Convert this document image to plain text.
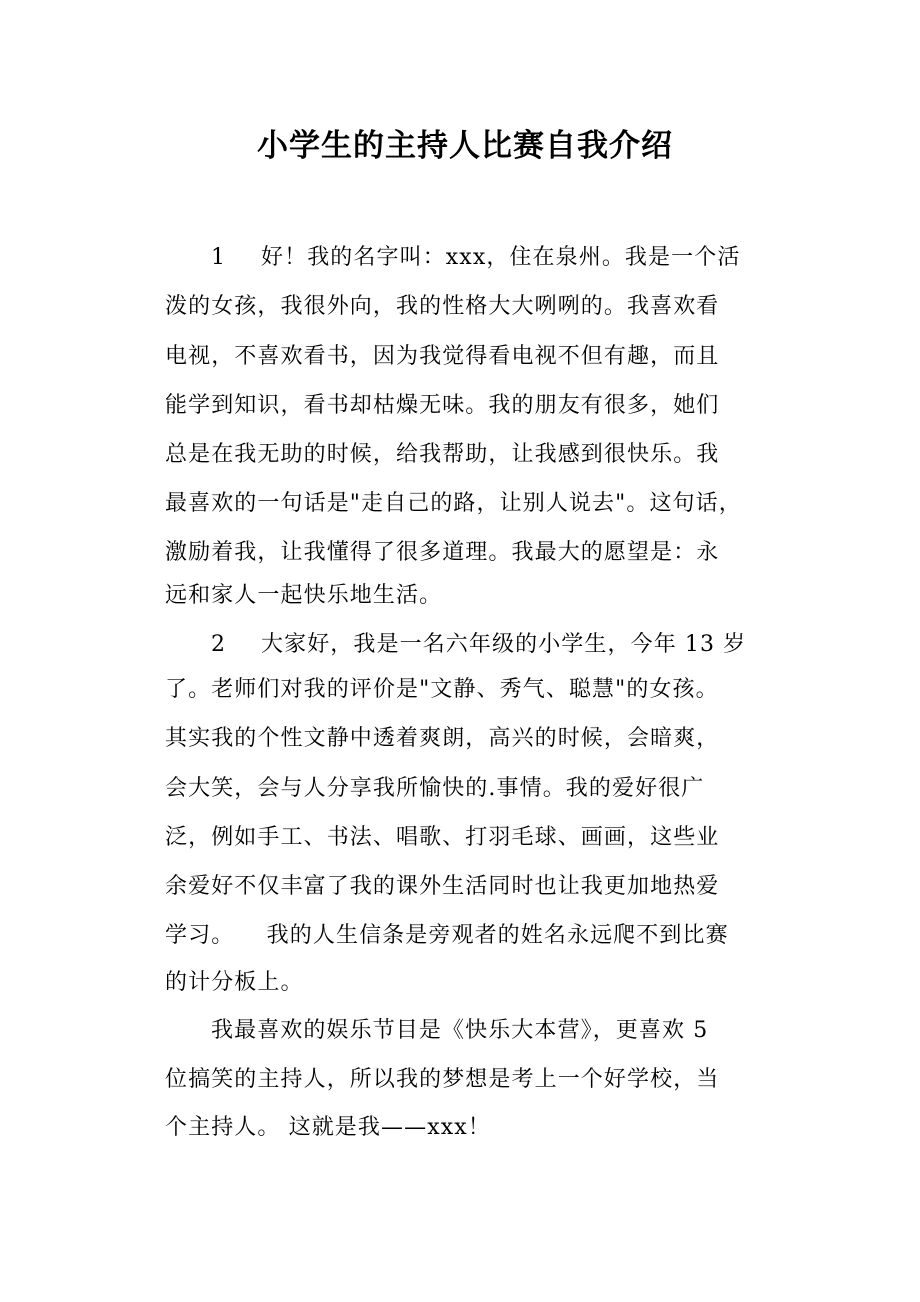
小学生的主持人比赛自我介绍

1 好！我的名字叫：xxx，住在泉州。我是一个活

泼的女孩，我很外向，我的性格大大咧咧的。我喜欢看

电视，不喜欢看书，因为我觉得看电视不但有趣，而且

能学到知识，看书却枯燥无味。我的朋友有很多，她们

总是在我无助的时候，给我帮助，让我感到很快乐。我

最喜欢的一句话是"走自己的路，让别人说去"。这句话，

激励着我，让我懂得了很多道理。我最大的愿望是：永

远和家人一起快乐地生活。

2 大家好，我是一名六年级的小学生，今年 13 岁

了。老师们对我的评价是"文静、秀气、聪慧"的女孩。

其实我的个性文静中透着爽朗，高兴的时候，会暗爽，

会大笑，会与人分享我所愉快的.事情。我的爱好很广

泛，例如手工、书法、唱歌、打羽毛球、画画，这些业

余爱好不仅丰富了我的课外生活同时也让我更加地热爱

学习。    我的人生信条是旁观者的姓名永远爬不到比赛

的计分板上。

我最喜欢的娱乐节目是《快乐大本营》，更喜欢 5

位搞笑的主持人，所以我的梦想是考上一个好学校，当

个主持人。 这就是我——xxx！
